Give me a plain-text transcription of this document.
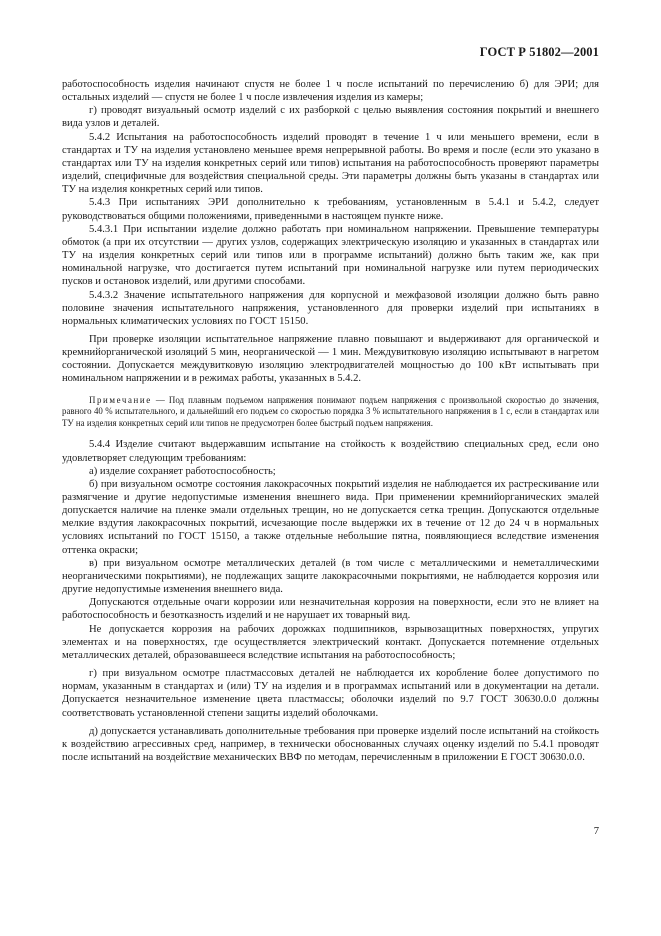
ГОСТ Р 51802—2001

работоспособность изделия начинают спустя не более 1 ч после испытаний по перечислению б) для ЭРИ; для остальных изделий — спустя не более 1 ч после извлечения изделия из камеры;

г) проводят визуальный осмотр изделий с их разборкой с целью выявления состояния покрытий и внешнего вида узлов и деталей.

5.4.2 Испытания на работоспособность изделий проводят в течение 1 ч или меньшего времени, если в стандартах и ТУ на изделия установлено меньшее время непрерывной работы. Во время и после (если это указано в стандартах или ТУ на изделия конкретных серий или типов) испытания на работоспособность проверяют параметры изделий, специфичные для воздействия специальной среды. Эти параметры должны быть указаны в стандартах или ТУ на изделия конкретных серий или типов.

5.4.3 При испытаниях ЭРИ дополнительно к требованиям, установленным в 5.4.1 и 5.4.2, следует руководствоваться общими положениями, приведенными в настоящем пункте ниже.

5.4.3.1 При испытании изделие должно работать при номинальном напряжении. Превышение температуры обмоток (а при их отсутствии — других узлов, содержащих электрическую изоляцию и указанных в стандартах или ТУ на изделия конкретных серий или типов или в программе испытаний) должно быть таким же, как при номинальной нагрузке, что достигается путем испытаний при номинальной нагрузке или путем периодических пусков и остановок изделий, или другими способами.

5.4.3.2 Значение испытательного напряжения для корпусной и межфазовой изоляции должно быть равно половине значения испытательного напряжения, установленного для проверки изделий при испытаниях в нормальных климатических условиях по ГОСТ 15150.

При проверке изоляции испытательное напряжение плавно повышают и выдерживают для органической и кремнийорганической изоляций 5 мин, неорганической — 1 мин. Междувитковую изоляцию испытывают в нагретом состоянии. Допускается междувитковую изоляцию электродвигателей мощностью до 100 кВт испытывать при номинальном напряжении и в режимах работы, указанных в 5.4.2.

Примечание — Под плавным подъемом напряжения понимают подъем напряжения с произвольной скоростью до значения, равного 40 % испытательного, и дальнейший его подъем со скоростью порядка 3 % испытательного напряжения в 1 с, если в стандартах или ТУ на изделия конкретных серий или типов не предусмотрен более быстрый подъем напряжения.

5.4.4 Изделие считают выдержавшим испытание на стойкость к воздействию специальных сред, если оно удовлетворяет следующим требованиям:

а) изделие сохраняет работоспособность;

б) при визуальном осмотре состояния лакокрасочных покрытий изделия не наблюдается их растрескивание или размягчение и другие недопустимые изменения внешнего вида. При применении кремнийорганических эмалей допускается наличие на пленке эмали отдельных трещин, но не допускается сетка трещин. Допускаются отдельные мелкие вздутия лакокрасочных покрытий, исчезающие после выдержки их в течение от 12 до 24 ч в нормальных условиях испытаний по ГОСТ 15150, а также отдельные небольшие пятна, появляющиеся вследствие изменения оттенка окраски;

в) при визуальном осмотре металлических деталей (в том числе с металлическими и неметаллическими неорганическими покрытиями), не подлежащих защите лакокрасочными покрытиями, не наблюдается коррозия или другие недопустимые изменения внешнего вида.

Допускаются отдельные очаги коррозии или незначительная коррозия на поверхности, если это не влияет на работоспособность и безотказность изделий и не нарушает их товарный вид.

Не допускается коррозия на рабочих дорожках подшипников, взрывозащитных поверхностях, упругих элементах и на поверхностях, где осуществляется электрический контакт. Допускается потемнение отдельных металлических деталей, образовавшееся вследствие испытания на работоспособность;

г) при визуальном осмотре пластмассовых деталей не наблюдается их коробление более допустимого по нормам, указанным в стандартах и (или) ТУ на изделия и в программах испытаний или в документации на детали. Допускается незначительное изменение цвета пластмассы; оболочки изделий по 9.7 ГОСТ 30630.0.0 должны соответствовать установленной степени защиты изделий оболочками.

д) допускается устанавливать дополнительные требования при проверке изделий после испытаний на стойкость к воздействию агрессивных сред, например, в технически обоснованных случаях оценку изделий по 5.4.1 проводят после испытаний на воздействие механических ВВФ по методам, перечисленным в приложении Е ГОСТ 30630.0.0.

7
